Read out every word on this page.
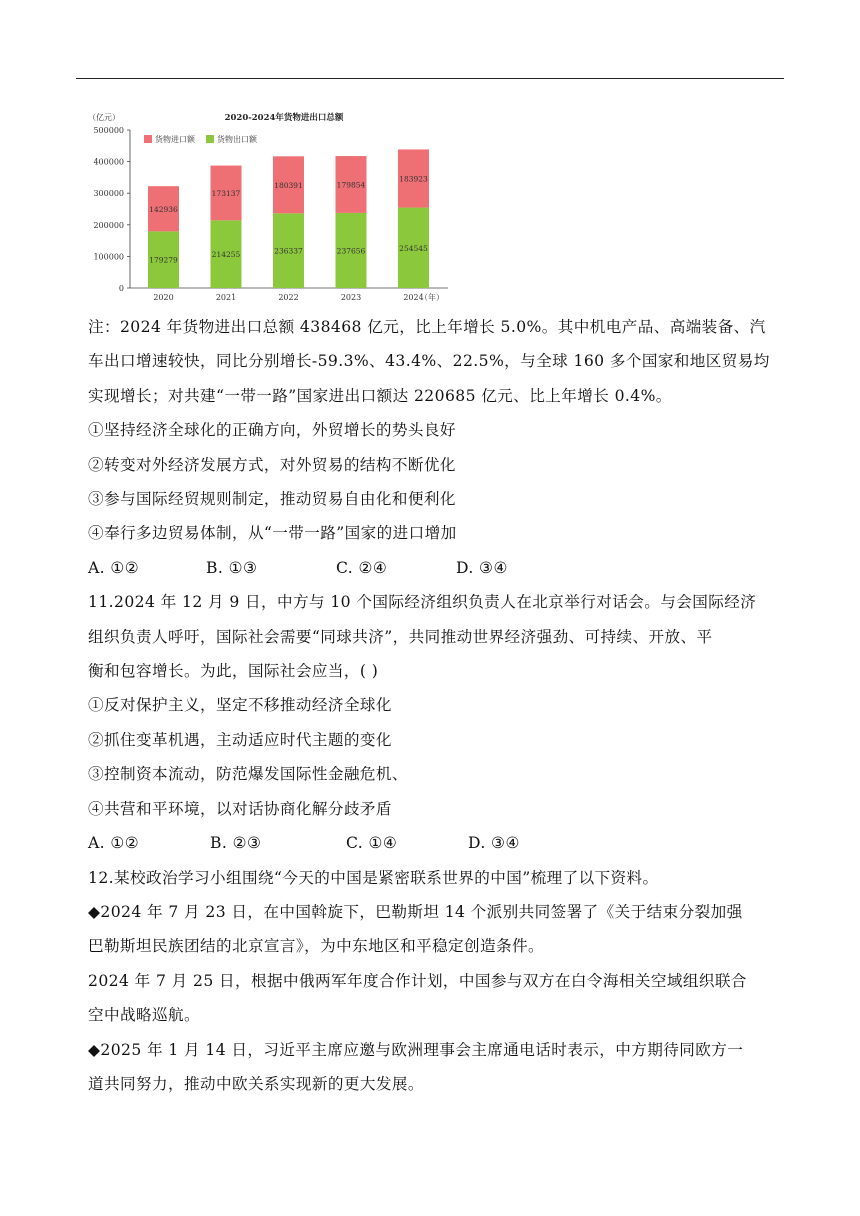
0
100000
200000
300000
400000
500000
2020-2024年货物进出口总额
（亿元）
货物进口额	货物出口额
179279
142936
2020
214255
173137
2021
236337
180391
2022
237656
179854
2023
254545
183923
2024
（年）

注：2024 年货物进出口总额 438468 亿元，比上年增长 5.0%。其中机电产品、高端装备、汽

车出口增速较快，同比分别增长-59.3%、43.4%、22.5%，与全球 160 多个国家和地区贸易均

实现增长；对共建“一带一路”国家进出口额达 220685 亿元、比上年增长 0.4%。

①坚持经济全球化的正确方向，外贸增长的势头良好

②转变对外经济发展方式，对外贸易的结构不断优化

③参与国际经贸规则制定，推动贸易自由化和便利化

④奉行多边贸易体制，从“一带一路”国家的进口增加

A. ①②	B. ①③	C. ②④	D. ③④

11.2024 年 12 月 9 日，中方与 10 个国际经济组织负责人在北京举行对话会。与会国际经济

组织负责人呼吁，国际社会需要“同球共济”，共同推动世界经济强劲、可持续、开放、平

衡和包容增长。为此，国际社会应当，( )

①反对保护主义，坚定不移推动经济全球化

②抓住变革机遇，主动适应时代主题的变化

③控制资本流动，防范爆发国际性金融危机、

④共营和平环境，以对话协商化解分歧矛盾

A. ①②	B. ②③	C. ①④	D. ③④

12.某校政治学习小组围绕“今天的中国是紧密联系世界的中国”梳理了以下资料。

◆2024 年 7 月 23 日，在中国斡旋下，巴勒斯坦 14 个派别共同签署了《关于结束分裂加强

巴勒斯坦民族团结的北京宣言》，为中东地区和平稳定创造条件。

2024 年 7 月 25 日，根据中俄两军年度合作计划，中国参与双方在白令海相关空域组织联合

空中战略巡航。

◆2025 年 1 月 14 日，习近平主席应邀与欧洲理事会主席通电话时表示，中方期待同欧方一

道共同努力，推动中欧关系实现新的更大发展。
